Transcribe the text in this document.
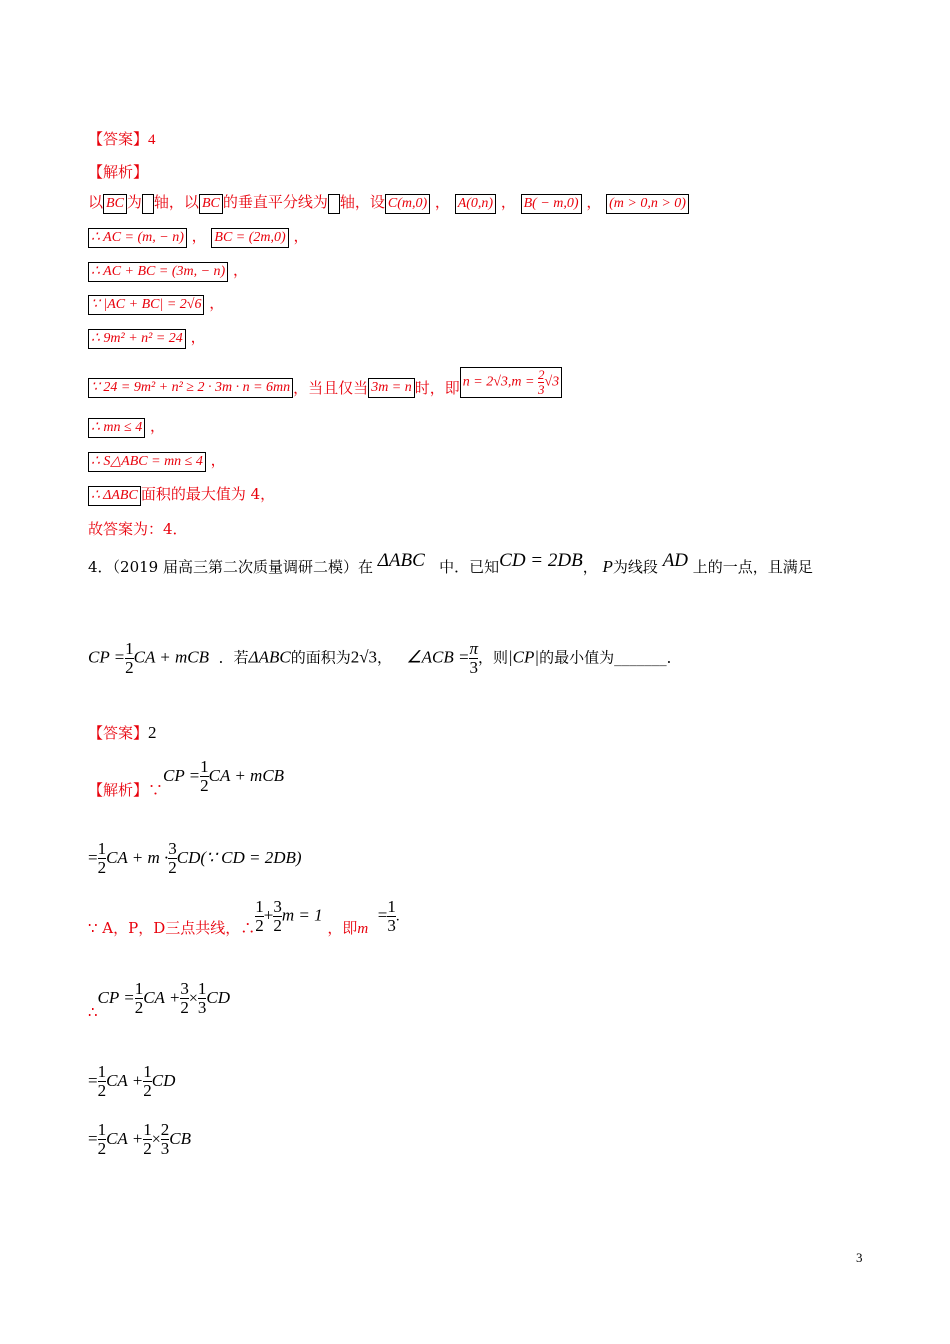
【答案】4
【解析】
以 BC 为 轴，以 BC 的垂直平分线为 轴，设 C(m,0) ， A(0,n) ， B( − m,0) ， (m > 0,n > 0)
∴ AC = (m, − n) ， BC = (2m,0) ，
∴ AC + BC = (3m, − n) ，
∵ |AC + BC| = 2√6 ，
∴ 9m² + n² = 24 ，
∵ 24 = 9m² + n² ≥ 2 · 3m · n = 6mn ，当且仅当 3m = n 时，即 $n = 2√3,m = \frac{2}{3} √3$
∴ mn ≤ 4 ，
∴ S△ABC = mn ≤ 4 ，
∴ ΔABC 面积的最大值为 4，
故答案为：4．
4．（2019 届高三第二次质量调研二模）在 ΔABC 中．已知CD = 2DB， P为线段 AD 上的一点，且满足
CP = $\frac{1}{2}$ CA + mCB ．若ΔABC的面积为2√3， ∠ACB = $\frac{\pi}{3}$ ，则|CP|的最小值为_______．
【答案】2
【解析】∵CP = $\frac{1}{2}$ CA + mCB
= $\frac{1}{2}$ CA + $m \cdot \frac{3}{2}$ CD(∵ CD = 2DB)
∵ A，P，D三点共线，∴ $\frac{1}{2} + \frac{3}{2}$ m = 1 ，即$m = \frac{1}{3}$ .
∴CP = $\frac{1}{2}$ CA + $\frac{3}{2} \times \frac{1}{3}$ CD
= $\frac{1}{2}$ CA + $\frac{1}{2}$ CD
= $\frac{1}{2}$ CA + $\frac{1}{2} \times \frac{2}{3}$ CB
3
